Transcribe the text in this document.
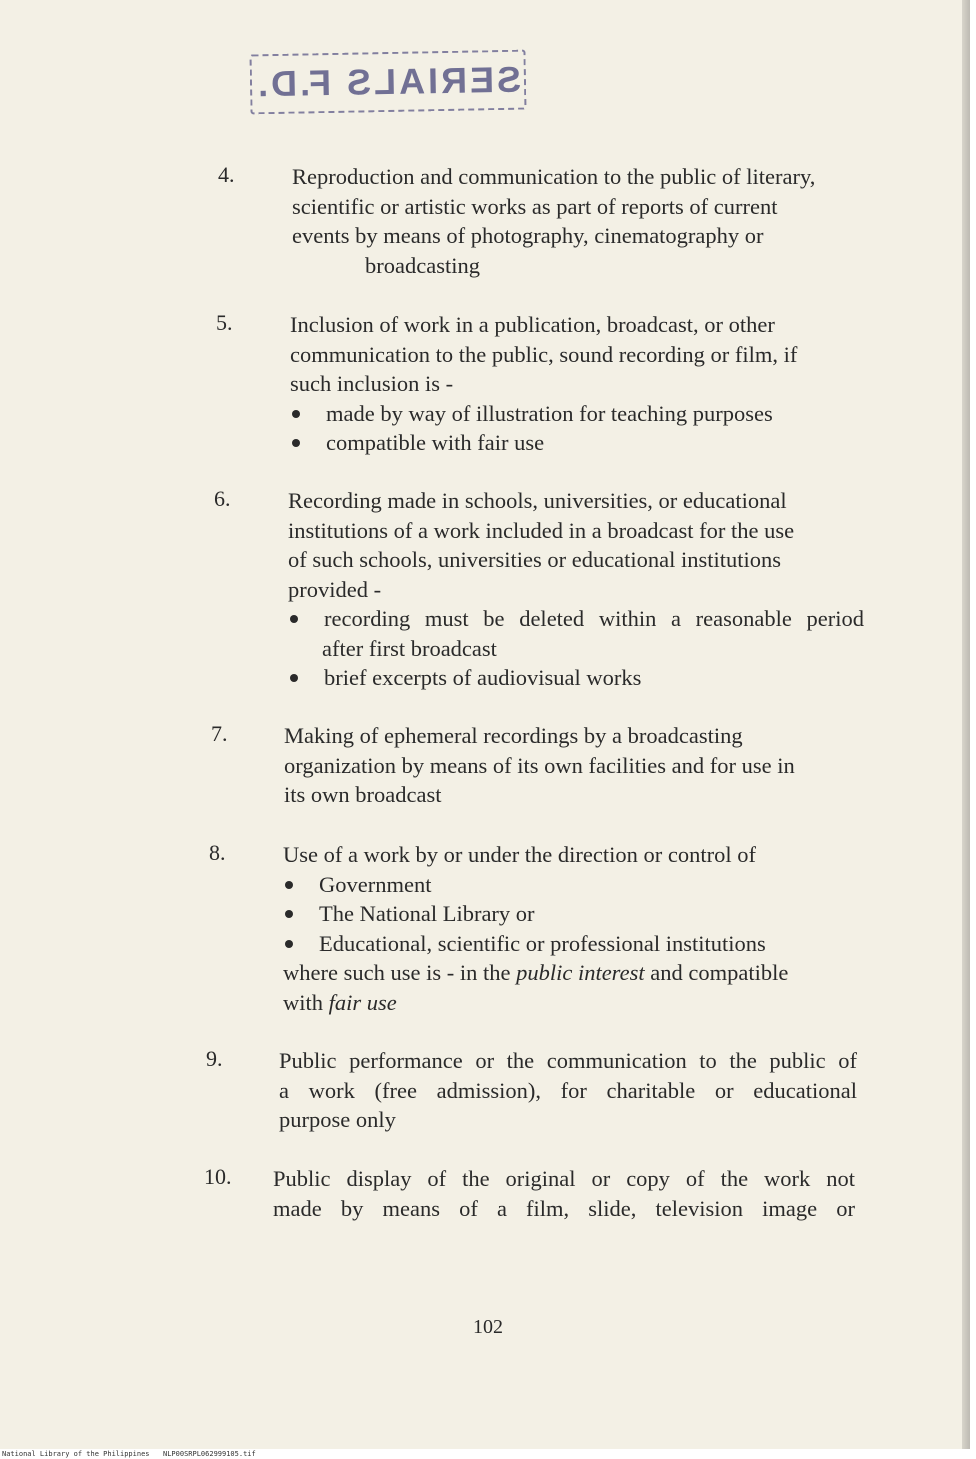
SERIALS F.D.
4.	Reproduction and communication to the public of literary,
scientific or artistic works as part of reports of current
events by means of photography, cinematography or
broadcasting
5.	Inclusion of work in a publication, broadcast, or other
communication to the public, sound recording or film, if
such inclusion is -
made by way of illustration for teaching purposes
compatible with fair use
6.	Recording made in schools, universities, or educational
institutions of a work included in a broadcast for the use
of such schools, universities or educational institutions
provided -
recording must be deleted within a reasonable period
after first broadcast
brief excerpts of audiovisual works
7.	Making of ephemeral recordings by a broadcasting
organization by means of its own facilities and for use in
its own broadcast
8.	Use of a work by or under the direction or control of
Government
The National Library or
Educational, scientific or professional institutions
where such use is - in the public interest and compatible
with fair use
9.	Public performance or the communication to the public of
a work (free admission), for charitable or educational
purpose only
10. Public display of the original or copy of the work not
made by means of a film, slide, television image or
102
National Library of the Philippines NLP00SRPL062999105.tif
